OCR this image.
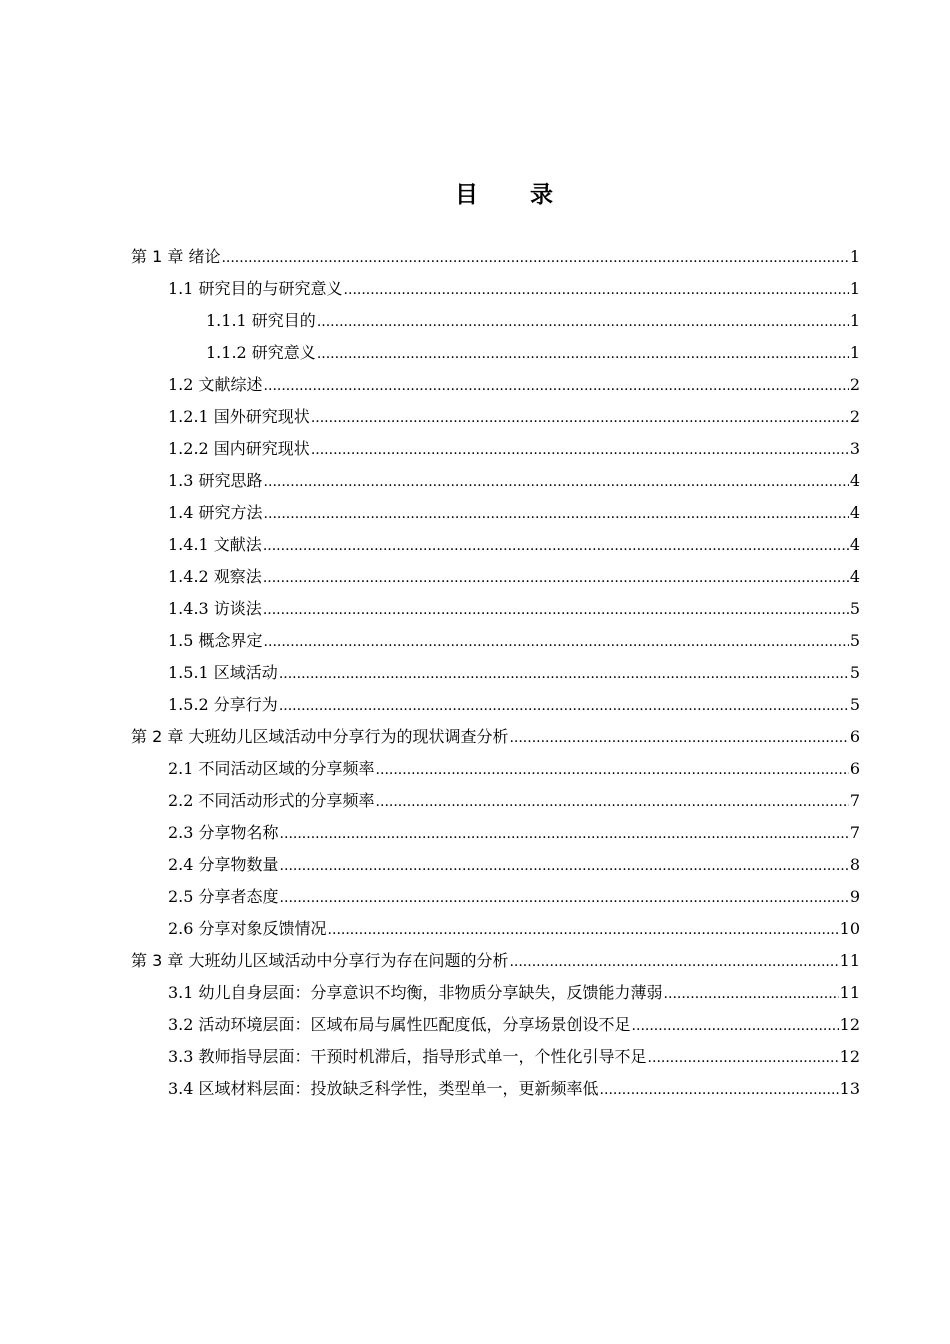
目 录
第 1 章 绪论 .....	1
1.1 研究目的与研究意义 .....	1
1.1.1 研究目的 .....	1
1.1.2 研究意义 .....	1
1.2 文献综述 .....	2
1.2.1 国外研究现状 .....	2
1.2.2 国内研究现状 .....	3
1.3 研究思路 .....	4
1.4 研究方法 .....	4
1.4.1 文献法 .....	4
1.4.2 观察法 .....	4
1.4.3 访谈法 .....	5
1.5 概念界定 .....	5
1.5.1 区域活动 .....	5
1.5.2 分享行为 .....	5
第 2 章 大班幼儿区域活动中分享行为的现状调查分析 .....	6
2.1 不同活动区域的分享频率 .....	6
2.2 不同活动形式的分享频率 .....	7
2.3 分享物名称 .....	7
2.4 分享物数量 .....	8
2.5 分享者态度 .....	9
2.6 分享对象反馈情况 .....	10
第 3 章 大班幼儿区域活动中分享行为存在问题的分析 .....	11
3.1 幼儿自身层面：分享意识不均衡，非物质分享缺失，反馈能力薄弱 .....	11
3.2 活动环境层面：区域布局与属性匹配度低，分享场景创设不足 .....	12
3.3 教师指导层面：干预时机滞后，指导形式单一，个性化引导不足 .....	12
3.4 区域材料层面：投放缺乏科学性，类型单一，更新频率低 .....	13
